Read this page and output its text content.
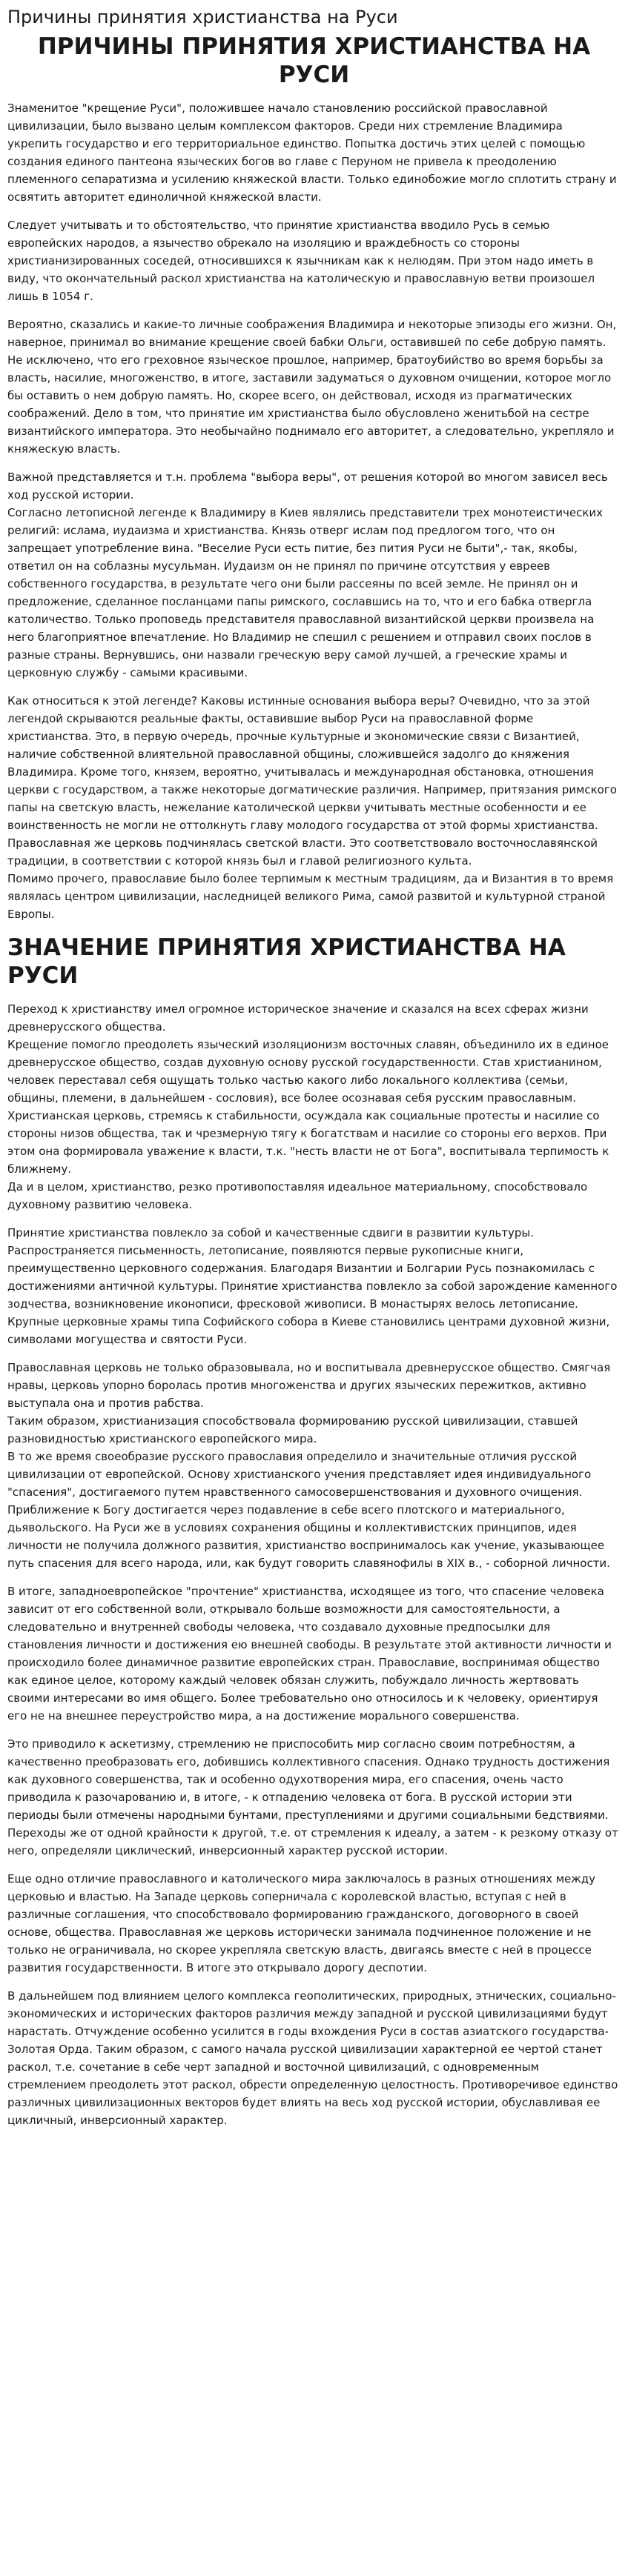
Причины принятия христианства на Руси
ПРИЧИНЫ ПРИНЯТИЯ ХРИСТИАНСТВА НА РУСИ

Знаменитое "крещение Руси", положившее начало становлению российской православной цивилизации, было вызвано целым комплексом факторов. Среди них стремление Владимира укрепить государство и его территориальное единство. Попытка достичь этих целей с помощью создания единого пантеона языческих богов во главе с Перуном не привела к преодолению племенного сепаратизма и усилению княжеской власти. Только единобожие могло сплотить страну и освятить авторитет единоличной княжеской власти.

Следует учитывать и то обстоятельство, что принятие христианства вводило Русь в семью европейских народов, а язычество обрекало на изоляцию и враждебность со стороны христианизированных соседей, относившихся к язычникам как к нелюдям. При этом надо иметь в виду, что окончательный раскол христианства на католическую и православную ветви произошел лишь в 1054 г.

Вероятно, сказались и какие-то личные соображения Владимира и некоторые эпизоды его жизни. Он, наверное, принимал во внимание крещение своей бабки Ольги, оставившей по себе добрую память. Не исключено, что его греховное языческое прошлое, например, братоубийство во время борьбы за власть, насилие, многоженство, в итоге, заставили задуматься о духовном очищении, которое могло бы оставить о нем добрую память. Но, скорее всего, он действовал, исходя из прагматических соображений. Дело в том, что принятие им христианства было обусловлено женитьбой на сестре византийского императора. Это необычайно поднимало его авторитет, а следовательно, укрепляло и княжескую власть.

Важной представляется и т.н. проблема "выбора веры", от решения которой во многом зависел весь ход русской истории.
Согласно летописной легенде к Владимиру в Киев являлись представители трех монотеистических религий: ислама, иудаизма и христианства. Князь отверг ислам под предлогом того, что он запрещает употребление вина. "Веселие Руси есть питие, без пития Руси не быти",- так, якобы, ответил он на соблазны мусульман. Иудаизм он не принял по причине отсутствия у евреев собственного государства, в результате чего они были рассеяны по всей земле. Не принял он и предложение, сделанное посланцами папы римского, сославшись на то, что и его бабка отвергла католичество. Только проповедь представителя православной византийской церкви произвела на него благоприятное впечатление. Но Владимир не спешил с решением и отправил своих послов в разные страны. Вернувшись, они назвали греческую веру самой лучшей, а греческие храмы и церковную службу - самыми красивыми.

Как относиться к этой легенде? Каковы истинные основания выбора веры? Очевидно, что за этой легендой скрываются реальные факты, оставившие выбор Руси на православной форме христианства. Это, в первую очередь, прочные культурные и экономические связи с Византией, наличие собственной влиятельной православной общины, сложившейся задолго до княжения Владимира. Кроме того, князем, вероятно, учитывалась и международная обстановка, отношения церкви с государством, а также некоторые догматические различия. Например, притязания римского папы на светскую власть, нежелание католической церкви учитывать местные особенности и ее воинственность не могли не оттолкнуть главу молодого государства от этой формы христианства. Православная же церковь подчинялась светской власти. Это соответствовало восточнославянской традиции, в соответствии с которой князь был и главой религиозного культа.
Помимо прочего, православие было более терпимым к местным традициям, да и Византия в то время являлась центром цивилизации, наследницей великого Рима, самой развитой и культурной страной Европы.

ЗНАЧЕНИЕ ПРИНЯТИЯ ХРИСТИАНСТВА НА РУСИ

Переход к христианству имел огромное историческое значение и сказался на всех сферах жизни древнерусского общества.
Крещение помогло преодолеть языческий изоляционизм восточных славян, объединило их в единое древнерусское общество, создав духовную основу русской государственности. Став христианином, человек переставал себя ощущать только частью какого либо локального коллектива (семьи, общины, племени, в дальнейшем - сословия), все более осознавая себя русским православным.
Христианская церковь, стремясь к стабильности, осуждала как социальные протесты и насилие со стороны низов общества, так и чрезмерную тягу к богатствам и насилие со стороны его верхов. При этом она формировала уважение к власти, т.к. "несть власти не от Бога", воспитывала терпимость к ближнему.
Да и в целом, христианство, резко противопоставляя идеальное материальному, способствовало духовному развитию человека.

Принятие христианства повлекло за собой и качественные сдвиги в развитии культуры. Распространяется письменность, летописание, появляются первые рукописные книги, преимущественно церковного содержания. Благодаря Византии и Болгарии Русь познакомилась с достижениями античной культуры. Принятие христианства повлекло за собой зарождение каменного зодчества, возникновение иконописи, фресковой живописи. В монастырях велось летописание. Крупные церковные храмы типа Софийского собора в Киеве становились центрами духовной жизни, символами могущества и святости Руси.

Православная церковь не только образовывала, но и воспитывала древнерусское общество. Смягчая нравы, церковь упорно боролась против многоженства и других языческих пережитков, активно выступала она и против рабства.
Таким образом, христианизация способствовала формированию русской цивилизации, ставшей разновидностью христианского европейского мира.
В то же время своеобразие русского православия определило и значительные отличия русской цивилизации от европейской. Основу христианского учения представляет идея индивидуального "спасения", достигаемого путем нравственного самосовершенствования и духовного очищения. Приближение к Богу достигается через подавление в себе всего плотского и материального, дьявольского. На Руси же в условиях сохранения общины и коллективистских принципов, идея личности не получила должного развития, христианство воспринималось как учение, указывающее путь спасения для всего народа, или, как будут говорить славянофилы в XIX в., - соборной личности.

В итоге, западноевропейское "прочтение" христианства, исходящее из того, что спасение человека зависит от его собственной воли, открывало больше возможности для самостоятельности, а следовательно и внутренней свободы человека, что создавало духовные предпосылки для становления личности и достижения ею внешней свободы. В результате этой активности личности и происходило более динамичное развитие европейских стран. Православие, воспринимая общество как единое целое, которому каждый человек обязан служить, побуждало личность жертвовать своими интересами во имя общего. Более требовательно оно относилось и к человеку, ориентируя его не на внешнее переустройство мира, а на достижение морального совершенства.

Это приводило к аскетизму, стремлению не приспособить мир согласно своим потребностям, а качественно преобразовать его, добившись коллективного спасения. Однако трудность достижения как духовного совершенства, так и особенно одухотворения мира, его спасения, очень часто приводила к разочарованию и, в итоге, - к отпадению человека от бога. В русской истории эти периоды были отмечены народными бунтами, преступлениями и другими социальными бедствиями. Переходы же от одной крайности к другой, т.е. от стремления к идеалу, а затем - к резкому отказу от него, определяли циклический, инверсионный характер русской истории.

Еще одно отличие православного и католического мира заключалось в разных отношениях между церковью и властью. На Западе церковь соперничала с королевской властью, вступая с ней в различные соглашения, что способствовало формированию гражданского, договорного в своей основе, общества. Православная же церковь исторически занимала подчиненное положение и не только не ограничивала, но скорее укрепляла светскую власть, двигаясь вместе с ней в процессе развития государственности. В итоге это открывало дорогу деспотии.

В дальнейшем под влиянием целого комплекса геополитических, природных, этнических, социально-экономических и исторических факторов различия между западной и русской цивилизациями будут нарастать. Отчуждение особенно усилится в годы вхождения Руси в состав азиатского государства- Золотая Орда. Таким образом, с самого начала русской цивилизации характерной ее чертой станет раскол, т.е. сочетание в себе черт западной и восточной цивилизаций, с одновременным стремлением преодолеть этот раскол, обрести определенную целостность. Противоречивое единство различных цивилизационных векторов будет влиять на весь ход русской истории, обуславливая ее цикличный, инверсионный характер.
